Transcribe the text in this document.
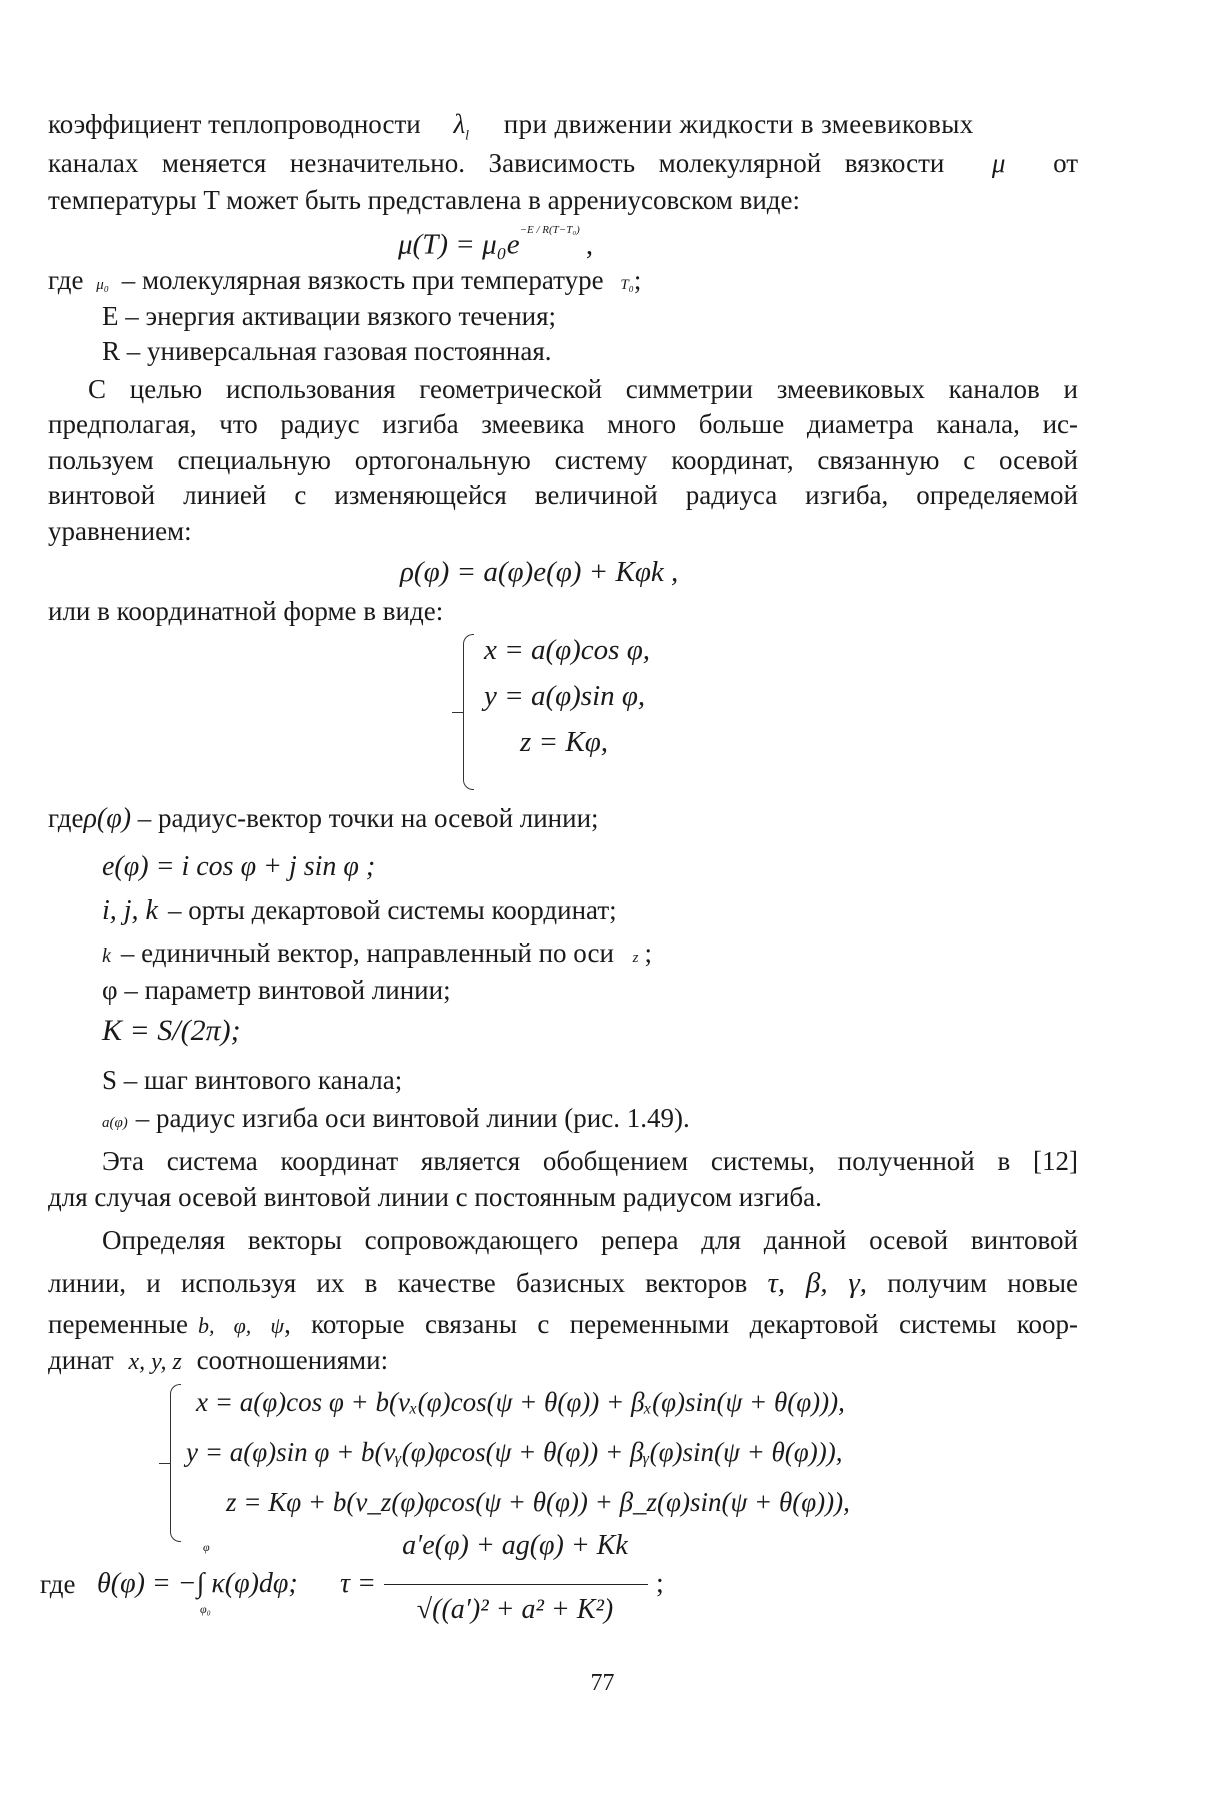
коэффициент теплопроводности $\lambda_l$ при движении жидкости в змеевиковых
каналах меняется незначительно. Зависимость молекулярной вязкости μ от
температуры T может быть представлена в аррениусовском виде:
$\mu(T) = \mu_0e^{-E / R(T-T_0)}$ ,
где μ₀ – молекулярная вязкость при температуре T₀;
E – энергия активации вязкого течения;
R – универсальная газовая постоянная.
С целью использования геометрической симметрии змеевиковых каналов и
предполагая, что радиус изгиба змеевика много больше диаметра канала, ис-
пользуем специальную ортогональную систему координат, связанную с осевой
винтовой линией с изменяющейся величиной радиуса изгиба, определяемой
уравнением:
ρ(φ) = a(φ)e(φ) + Kφk ,
или в координатной форме в виде:
x = a(φ)cos φ,
y = a(φ)sin φ,
z = Kφ,
гдеρ(φ) – радиус-вектор точки на осевой линии;
e(φ) = i cos φ + j sin φ ;
i, j, k – орты декартовой системы координат;
k – единичный вектор, направленный по оси z ;
φ – параметр винтовой линии;
K = S/(2π);
S – шаг винтового канала;
a(φ) – радиус изгиба оси винтовой линии (рис. 1.49).
Эта система координат является обобщением системы, полученной в [12]
для случая осевой винтовой линии с постоянным радиусом изгиба.
Определяя векторы сопровождающего репера для данной осевой винтовой
линии, и используя их в качестве базисных векторов τ, β, γ, получим новые
переменные b, φ, ψ, которые связаны с переменными декартовой системы коор-
динат x, y, z соотношениями:
x = a(φ)cos φ + b(νₓ(φ)cos(ψ + θ(φ)) + βₓ(φ)sin(ψ + θ(φ))),
y = a(φ)sin φ + b(νᵧ(φ)φcos(ψ + θ(φ)) + βᵧ(φ)sin(ψ + θ(φ))),
z = Kφ + b(ν_z(φ)φcos(ψ + θ(φ)) + β_z(φ)sin(ψ + θ(φ))),
где θ(φ) = −∫ κ(φ)dφ;
φ
φ₀
τ =
a′e(φ) + ag(φ) + Kk
√((a′)² + a² + K²)
;
77
